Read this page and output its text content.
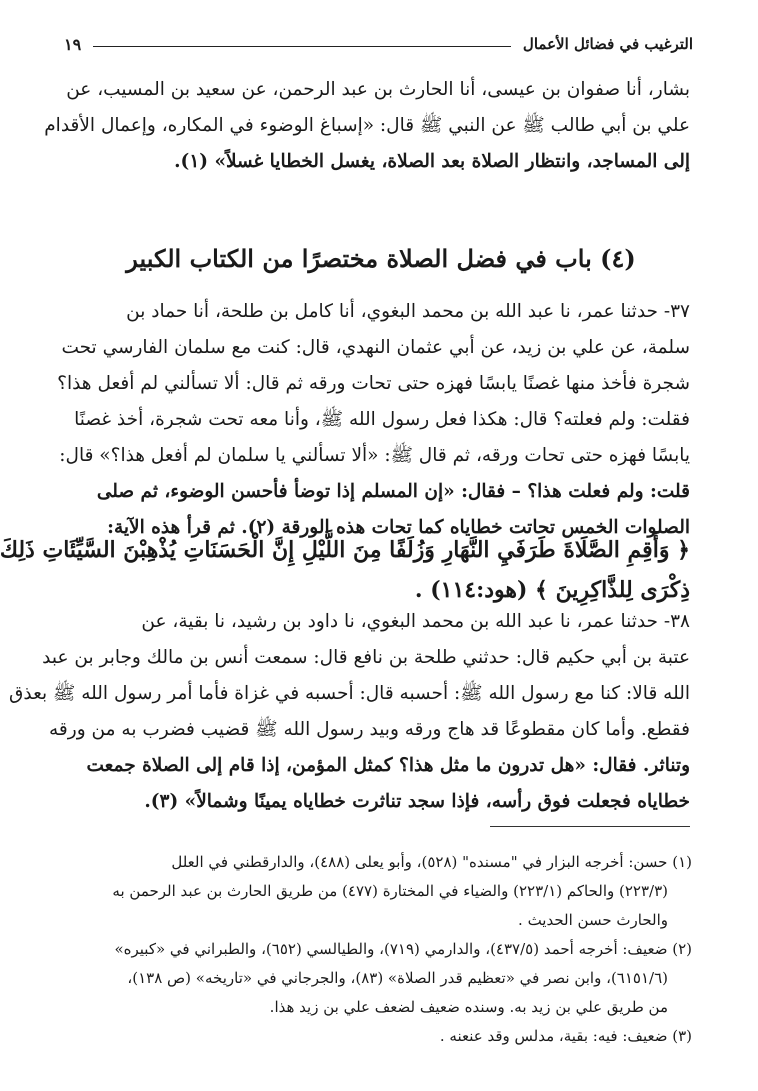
الترغيب في فضائل الأعمال
١٩
بشار، أنا صفوان بن عيسى، أنا الحارث بن عبد الرحمن، عن سعيد بن المسيب، عن
علي بن أبي طالب ﷺ عن النبي ﷺ قال: «إسباغ الوضوء في المكاره، وإعمال الأقدام
إلى المساجد، وانتظار الصلاة بعد الصلاة، يغسل الخطايا غسلاً» (١).
(٤) باب في فضل الصلاة مختصرًا من الكتاب الكبير
٣٧- حدثنا عمر، نا عبد الله بن محمد البغوي، أنا كامل بن طلحة، أنا حماد بن
سلمة، عن علي بن زيد، عن أبي عثمان النهدي، قال: كنت مع سلمان الفارسي تحت
شجرة فأخذ منها غصنًا يابسًا فهزه حتى تحات ورقه ثم قال: ألا تسألني لم أفعل هذا؟
فقلت: ولم فعلته؟ قال: هكذا فعل رسول الله ﷺ، وأنا معه تحت شجرة، أخذ غصنًا
يابسًا فهزه حتى تحات ورقه، ثم قال ﷺ: «ألا تسألني يا سلمان لم أفعل هذا؟» قال:
قلت: ولم فعلت هذا؟ – فقال: «إن المسلم إذا توضأ فأحسن الوضوء، ثم صلى
الصلوات الخمس تحاتت خطاياه كما تحات هذه الورقة (٢). ثم قرأ هذه الآية:
﴿ وَأَقِمِ الصَّلَاةَ طَرَفَيِ النَّهَارِ وَزُلَفًا مِنَ اللَّيْلِ إِنَّ الْحَسَنَاتِ يُذْهِبْنَ السَّيِّئَاتِ ذَلِكَ
ذِكْرَى لِلذَّاكِرِينَ ﴾ (هود:١١٤) .
٣٨- حدثنا عمر، نا عبد الله بن محمد البغوي، نا داود بن رشيد، نا بقية، عن
عتبة بن أبي حكيم قال: حدثني طلحة بن نافع قال: سمعت أنس بن مالك وجابر بن عبد
الله قالا: كنا مع رسول الله ﷺ: أحسبه قال: أحسبه في غزاة فأما أمر رسول الله ﷺ بعذق
فقطع. وأما كان مقطوعًا قد هاج ورقه وبيد رسول الله ﷺ قضيب فضرب به من ورقه
وتناثر. فقال: «هل تدرون ما مثل هذا؟ كمثل المؤمن، إذا قام إلى الصلاة جمعت
خطاياه فجعلت فوق رأسه، فإذا سجد تناثرت خطاياه يمينًا وشمالاً» (٣).
(١) حسن: أخرجه البزار في "مسنده" (٥٢٨)، وأبو يعلى (٤٨٨)، والدارقطني في العلل
(٢٢٣/٣) والحاكم (٢٢٣/١) والضياء في المختارة (٤٧٧) من طريق الحارث بن عبد الرحمن به
والحارث حسن الحديث .
(٢) ضعيف: أخرجه أحمد (٤٣٧/٥)، والدارمي (٧١٩)، والطيالسي (٦٥٢)، والطبراني في «كبيره»
(٦١٥١/٦)، وابن نصر في «تعظيم قدر الصلاة» (٨٣)، والجرجاني في «تاريخه» (ص ١٣٨)،
من طريق علي بن زيد به. وسنده ضعيف لضعف علي بن زيد هذا.
(٣) ضعيف: فيه: بقية، مدلس وقد عنعنه .
